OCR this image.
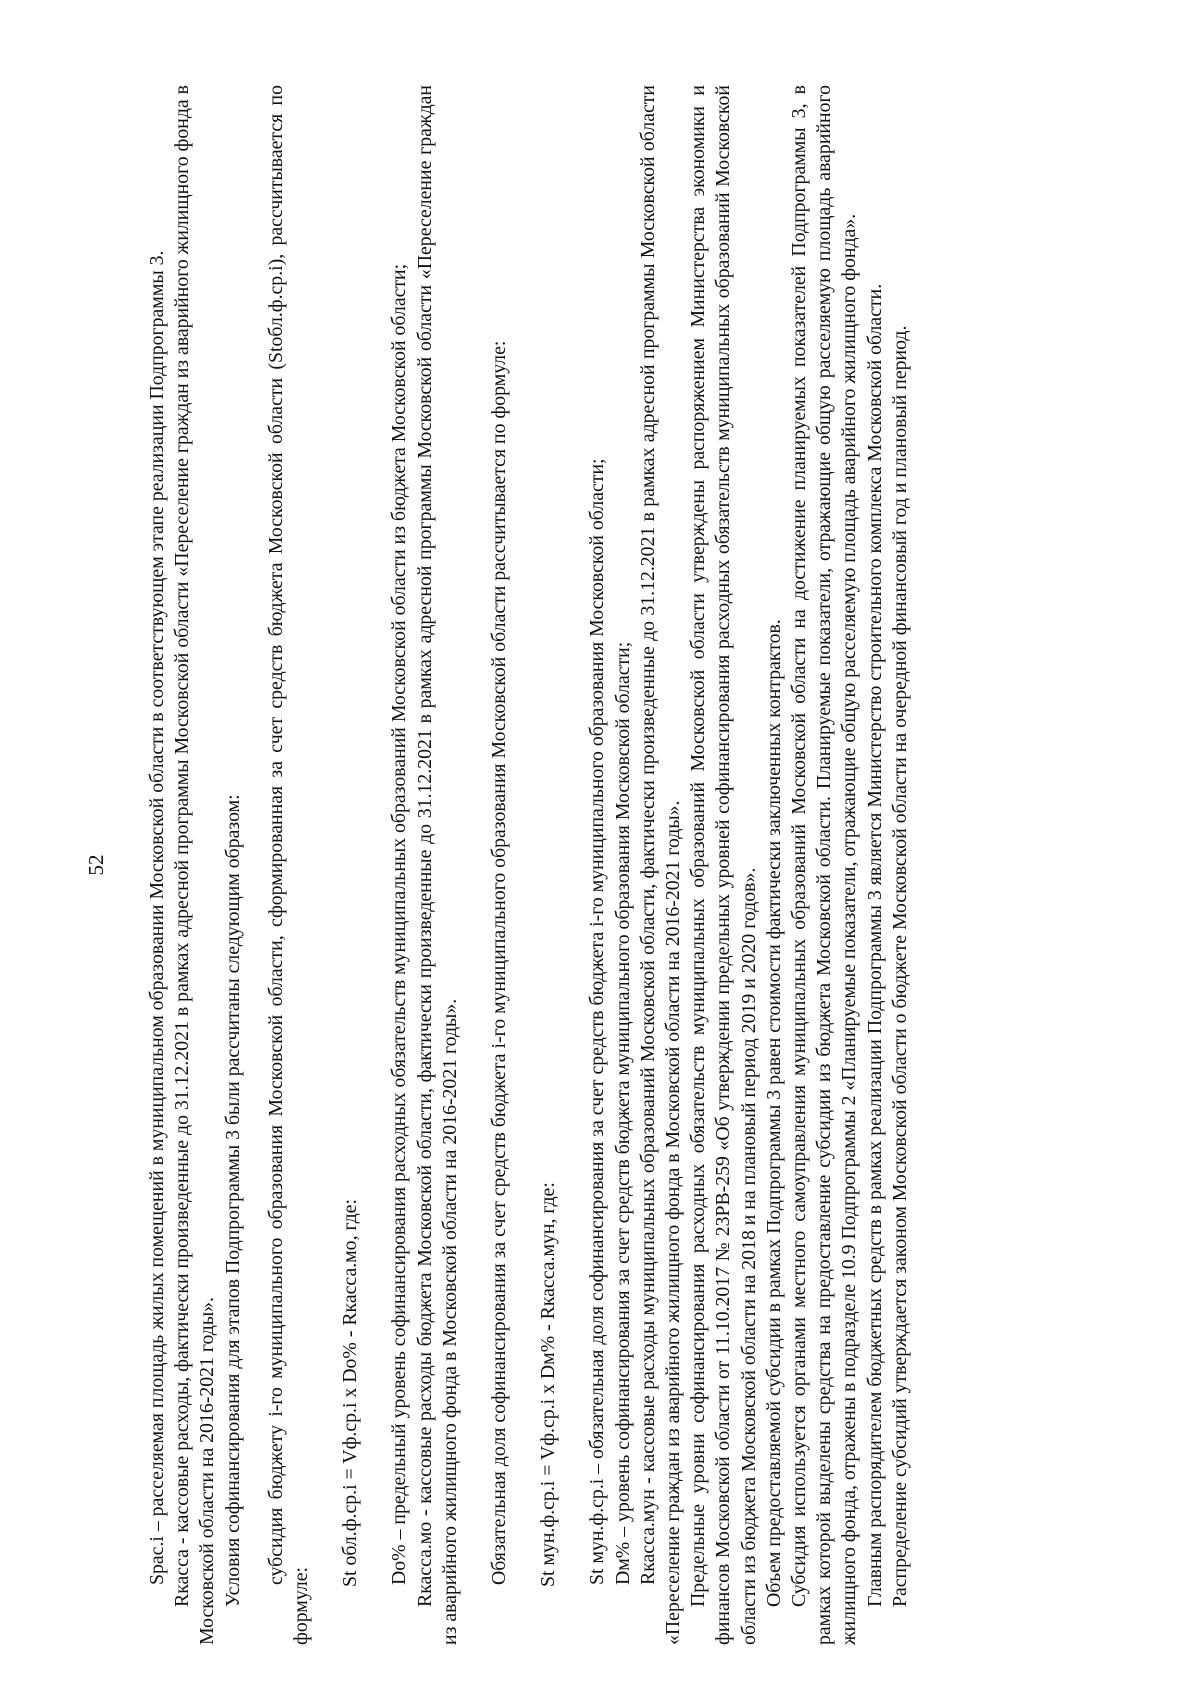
52 Spac.i – расселяемая площадь жилых помещений в муниципальном образовании Московской области в соответствующем этапе реализации Подпрограммы 3. Rкасса - кассовые расходы, фактически произведенные до 31.12.2021 в рамках адресной программы Московской области «Переселение граждан из аварийного жилищного фонда в Московской области на 2016-2021 годы». Условия софинансирования для этапов Подпрограммы 3 были рассчитаны следующим образом: субсидия бюджету i-го муниципального образования Московской области, сформированная за счет средств бюджета Московской области (Stобл.ф.ср.i), рассчитывается по формуле:

St обл.ф.ср.i = Vф.ср.i x Dо% - Rкасса.мо, где: Dо% – предельный уровень софинансирования расходных обязательств муниципальных образований Московской области из бюджета Московской области; Rкасса.мо - кассовые расходы бюджета Московской области, фактически произведенные до 31.12.2021 в рамках адресной программы Московской области «Переселение граждан из аварийного жилищного фонда в Московской области на 2016-2021 годы». Обязательная доля софинансирования за счет средств бюджета i-го муниципального образования Московской области рассчитывается по формуле: St мун.ф.ср.i = Vф.ср.i x Dм% - Rкасса.мун, где: St мун.ф.ср.i – обязательная доля софинансирования за счет средств бюджета i-го муниципального образования Московской области; Dм% – уровень софинансирования за счет средств бюджета муниципального образования Московской области; Rкасса.мун - кассовые расходы муниципальных образований Московской области, фактически произведенные до 31.12.2021 в рамках адресной программы Московской области «Переселение граждан из аварийного жилищного фонда в Московской области на 2016-2021 годы». Предельные уровни софинансирования расходных обязательств муниципальных образований Московской области утверждены распоряжением Министерства экономики и финансов Московской области от 11.10.2017 № 23РВ-259 «Об утверждении предельных уровней софинансирования расходных обязательств муниципальных образований Московской области из бюджета Московской области на 2018 и на плановый период 2019 и 2020 годов». Объем предоставляемой субсидии в рамках Подпрограммы 3 равен стоимости фактически заключенных контрактов. Субсидия используется органами местного самоуправления муниципальных образований Московской области на достижение планируемых показателей Подпрограммы 3, в рамках которой выделены средства на предоставление субсидии из бюджета Московской области. Планируемые показатели, отражающие общую расселяемую площадь аварийного жилищного фонда, отражены в подразделе 10.9 Подпрограммы 2 «Планируемые показатели, отражающие общую расселяемую площадь аварийного жилищного фонда». Главным распорядителем бюджетных средств в рамках реализации Подпрограммы 3 является Министерство строительного комплекса Московской области. Распределение субсидий утверждается законом Московской области о бюджете Московской области на очередной финансовый год и плановый период.
